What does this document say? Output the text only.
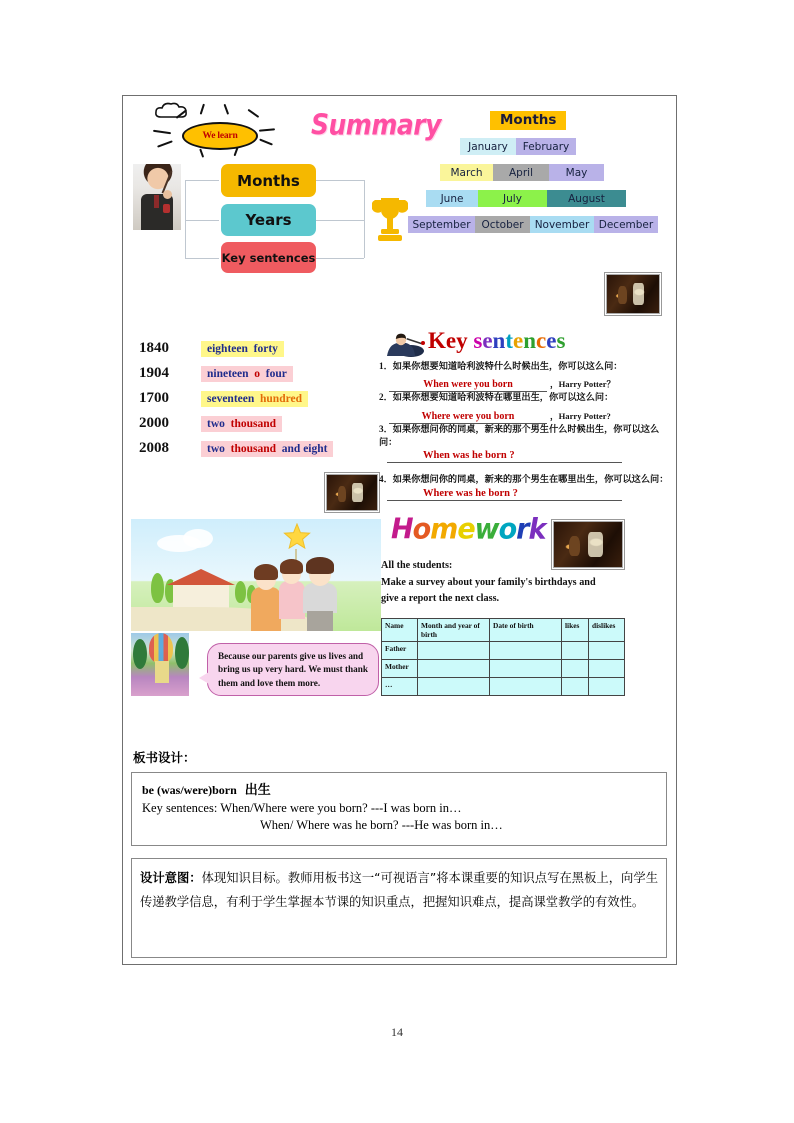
We learn	Summary
Months
Years
Key sentences
Months
January	February
March	April	May
June	July	August
September	October	November December
1840	eighteen forty
1904	nineteen o four
1700	seventeen hundred
2000	two thousand
2008	two thousand and eight
Key sentences
1．如果你想要知道哈利波特什么时候出生，你可以这么问：
When were you born	，Harry Potter？
2．如果你想要知道哈利波特在哪里出生，你可以这么问：
Where were you born	，Harry Potter?
3．如果你想问你的同桌，新来的那个男生什么时候出生，你可以这么问：
When was he born ?
4．如果你想问你的同桌，新来的那个男生在哪里出生，你可以这么问：
Where was he born ?
Because our parents give us lives and bring us up very hard. We must thank them and love them more.
Homework
All the students:
Make a survey about your family's birthdays and
give a report the next class.
Name	Month and year of birth	Date of birth	likes	dislikes
Father				
Mother				
…				
板书设计：
be (was/were)born 出生
Key sentences: When/Where were you born? ---I was born in…
When/ Where was he born? ---He was born in…
设计意图：体现知识目标。教师用板书这一“可视语言”将本课重要的知识点写在黑板上，向学生传递教学信息，有利于学生掌握本节课的知识重点，把握知识难点，提高课堂教学的有效性。
14
